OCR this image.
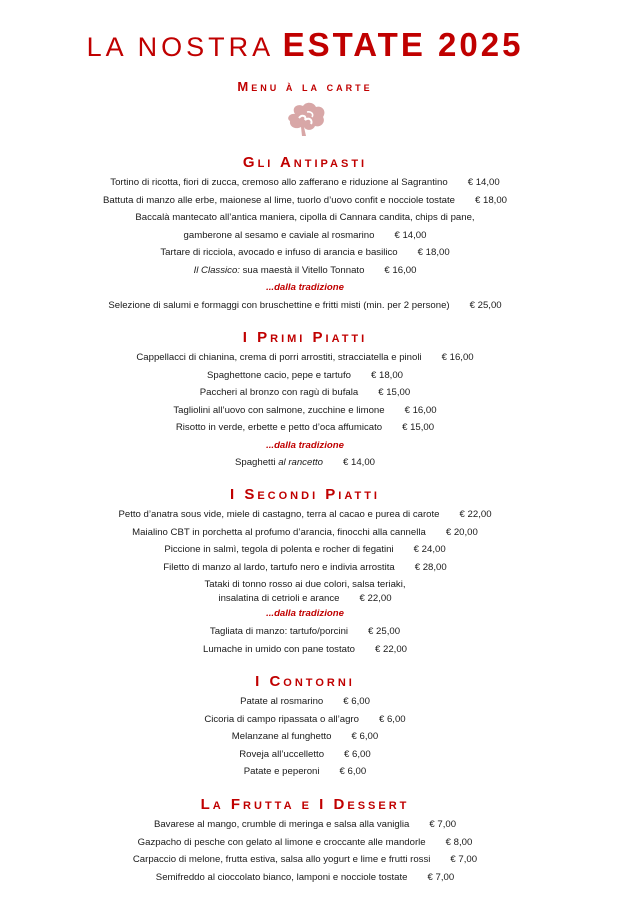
LA NOSTRA ESTATE 2025
Menu à la carte
Gli Antipasti
Tortino di ricotta, fiori di zucca, cremoso allo zafferano e riduzione al Sagrantino € 14,00
Battuta di manzo alle erbe, maionese al lime, tuorlo d’uovo confit e nocciole tostate € 18,00
Baccalà mantecato all’antica maniera, cipolla di Cannara candita, chips di pane,
gamberone al sesamo e caviale al rosmarino € 14,00
Tartare di ricciola, avocado e infuso di arancia e basilico € 18,00
Il Classico: sua maestà il Vitello Tonnato € 16,00
...dalla tradizione
Selezione di salumi e formaggi con bruschettine e fritti misti (min. per 2 persone) € 25,00
I Primi Piatti
Cappellacci di chianina, crema di porri arrostiti, stracciatella e pinoli € 16,00
Spaghettone cacio, pepe e tartufo € 18,00
Paccheri al bronzo con ragù di bufala € 15,00
Tagliolini all’uovo con salmone, zucchine e limone € 16,00
Risotto in verde, erbette e petto d’oca affumicato € 15,00
...dalla tradizione
Spaghetti al rancetto € 14,00
I Secondi Piatti
Petto d’anatra sous vide, miele di castagno, terra al cacao e purea di carote € 22,00
Maialino CBT in porchetta al profumo d’arancia, finocchi alla cannella € 20,00
Piccione in salmì, tegola di polenta e rocher di fegatini € 24,00
Filetto di manzo al lardo, tartufo nero e indivia arrostita € 28,00
Tataki di tonno rosso ai due colori, salsa teriaki,
insalatina di cetrioli e arance € 22,00
...dalla tradizione
Tagliata di manzo: tartufo/porcini € 25,00
Lumache in umido con pane tostato € 22,00
I Contorni
Patate al rosmarino € 6,00
Cicoria di campo ripassata o all’agro € 6,00
Melanzane al funghetto € 6,00
Roveja all’uccelletto € 6,00
Patate e peperoni € 6,00
La Frutta e I Dessert
Bavarese al mango, crumble di meringa e salsa alla vaniglia € 7,00
Gazpacho di pesche con gelato al limone e croccante alle mandorle € 8,00
Carpaccio di melone, frutta estiva, salsa allo yogurt e lime e frutti rossi € 7,00
Semifreddo al cioccolato bianco, lamponi e nocciole tostate € 7,00
